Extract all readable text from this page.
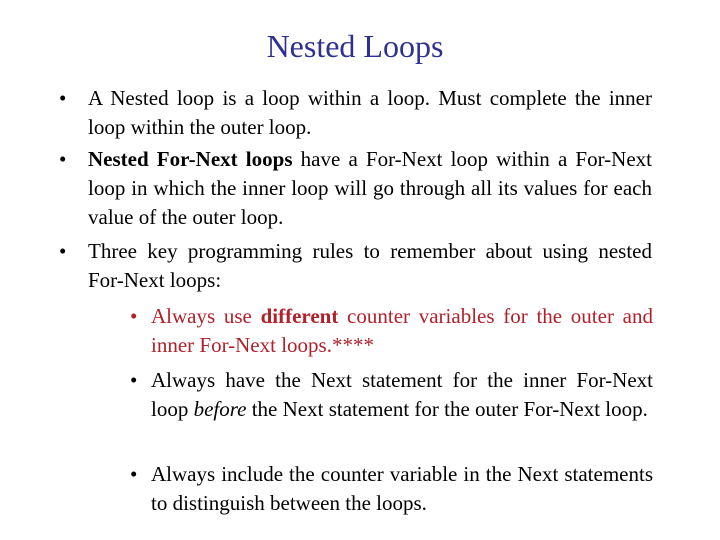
Nested Loops
• A Nested loop is a loop within a loop. Must complete the inner loop within the outer loop.
• Nested For-Next loops have a For-Next loop within a For-Next loop in which the inner loop will go through all its values for each value of the outer loop.
• Three key programming rules to remember about using nested For-Next loops:
• Always use different counter variables for the outer and inner For-Next loops.****
• Always have the Next statement for the inner For-Next loop before the Next statement for the outer For-Next loop.
• Always include the counter variable in the Next statements to distinguish between the loops.
